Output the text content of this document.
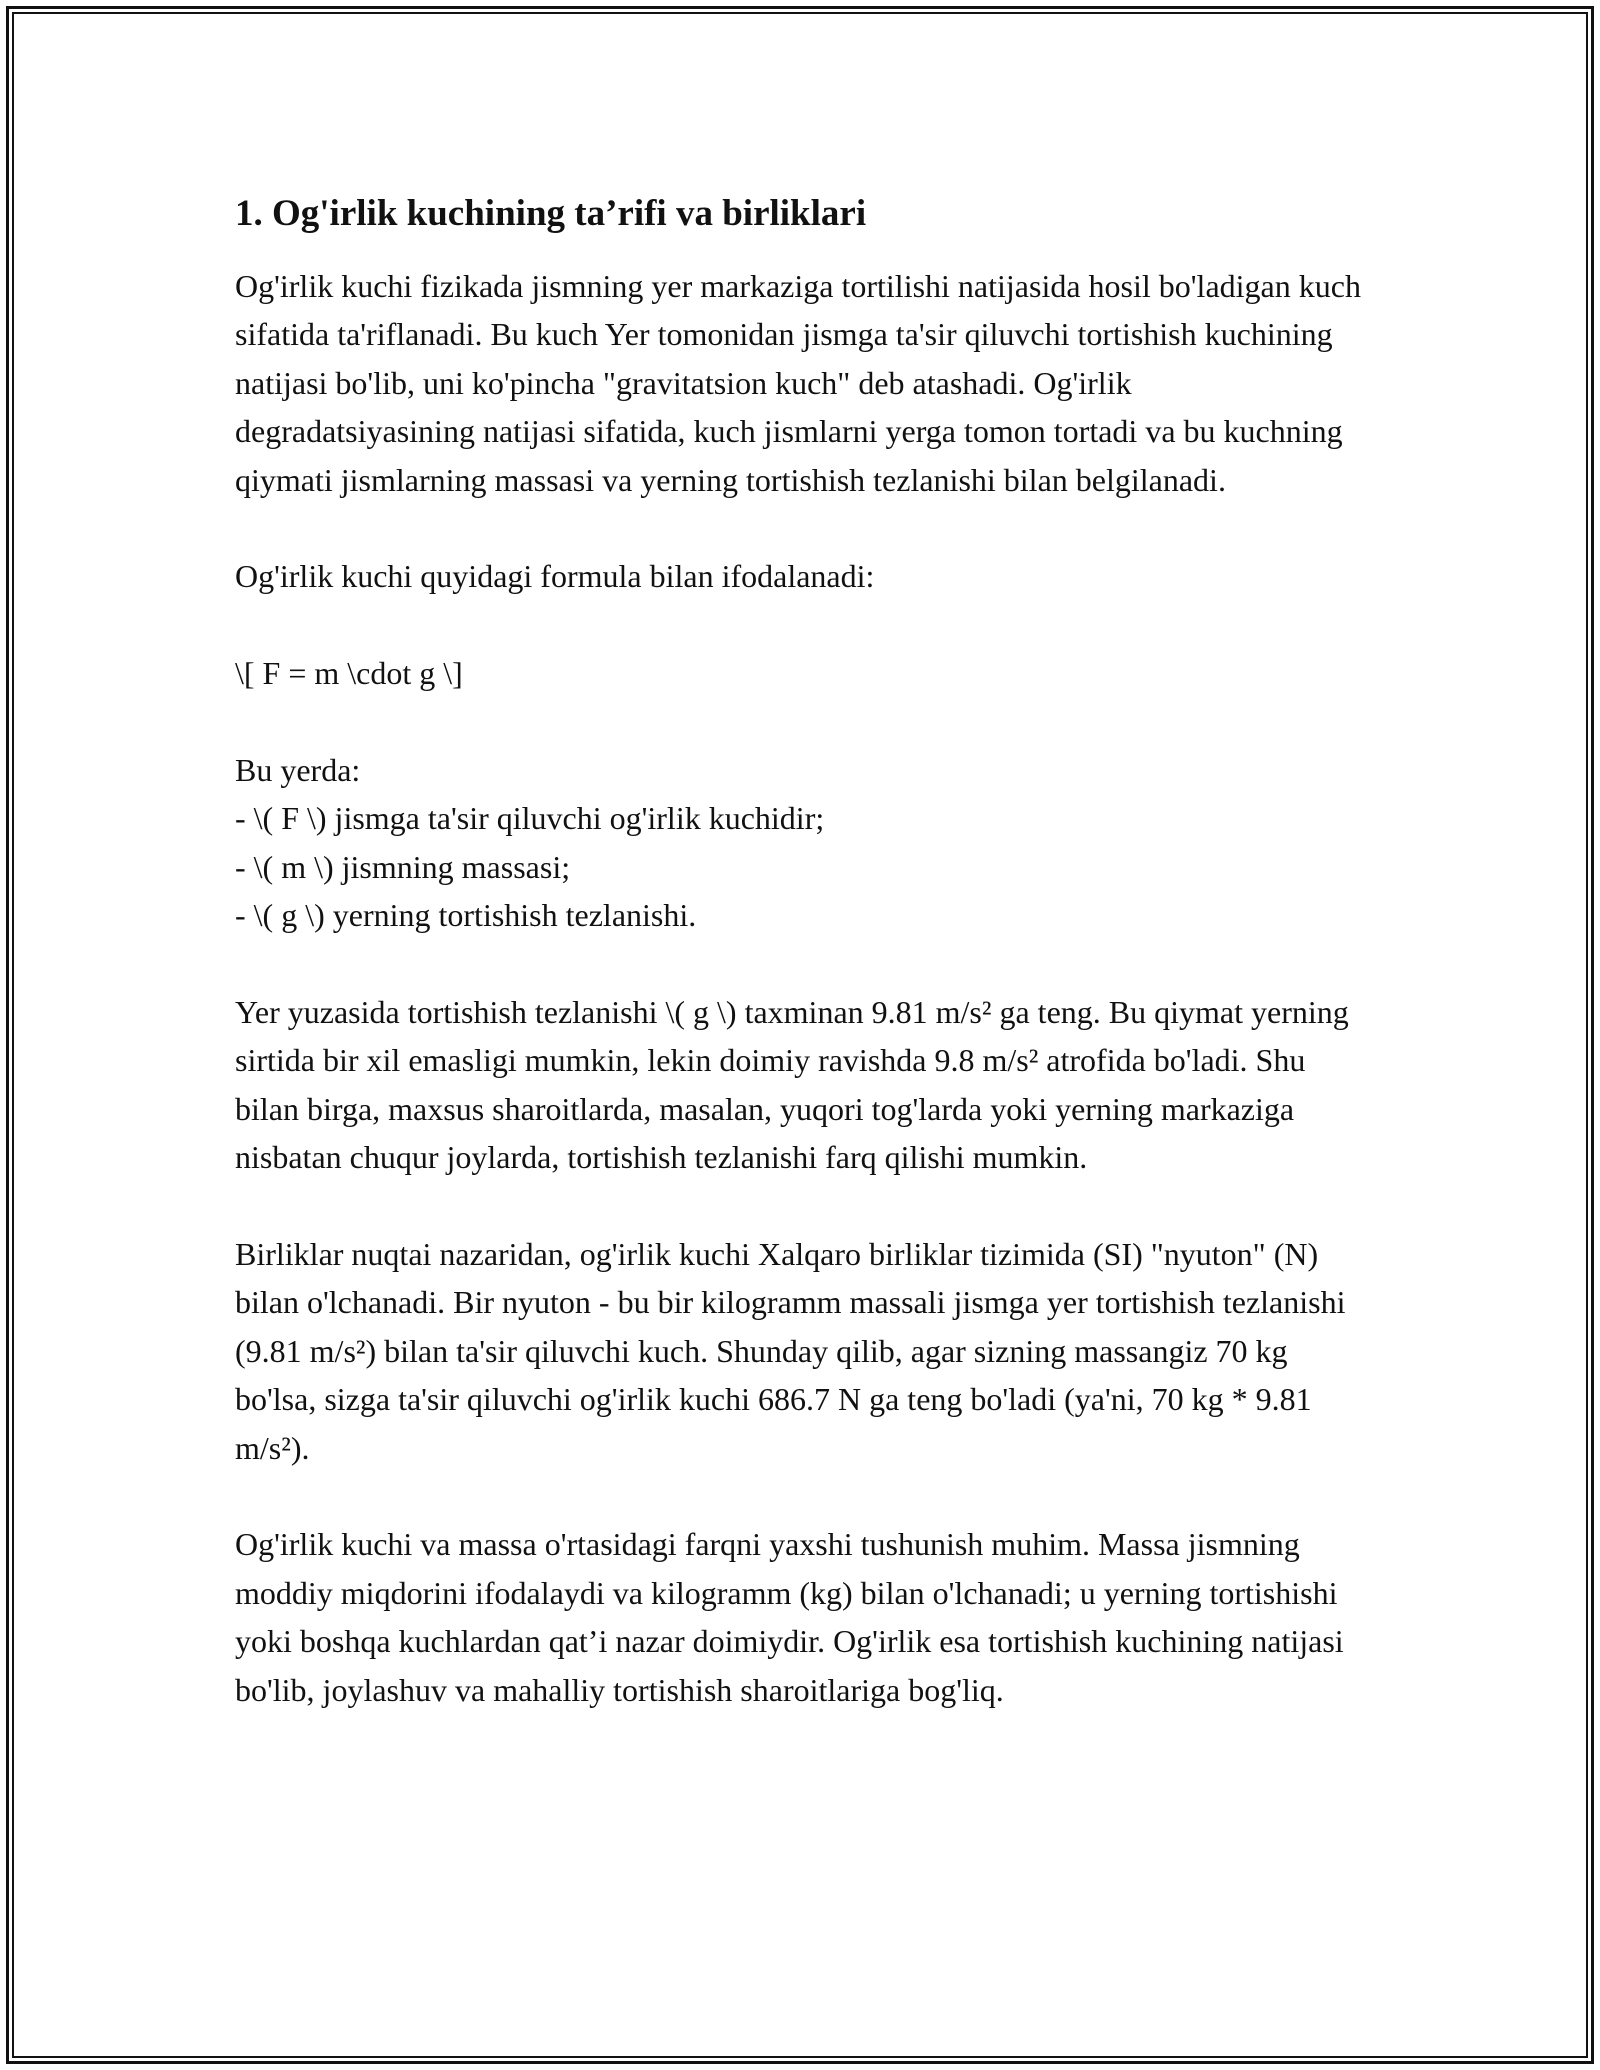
1. Og'irlik kuchining ta’rifi va birliklari

Og'irlik kuchi fizikada jismning yer markaziga tortilishi natijasida hosil bo'ladigan kuch sifatida ta'riflanadi. Bu kuch Yer tomonidan jismga ta'sir qiluvchi tortishish kuchining natijasi bo'lib, uni ko'pincha "gravitatsion kuch" deb atashadi. Og'irlik degradatsiyasining natijasi sifatida, kuch jismlarni yerga tomon tortadi va bu kuchning qiymati jismlarning massasi va yerning tortishish tezlanishi bilan belgilanadi.

Og'irlik kuchi quyidagi formula bilan ifodalanadi:

\[ F = m \cdot g \]

Bu yerda:
- \( F \) jismga ta'sir qiluvchi og'irlik kuchidir;
- \( m \) jismning massasi;
- \( g \) yerning tortishish tezlanishi.

Yer yuzasida tortishish tezlanishi \( g \) taxminan 9.81 m/s² ga teng. Bu qiymat yerning sirtida bir xil emasligi mumkin, lekin doimiy ravishda 9.8 m/s² atrofida bo'ladi. Shu bilan birga, maxsus sharoitlarda, masalan, yuqori tog'larda yoki yerning markaziga nisbatan chuqur joylarda, tortishish tezlanishi farq qilishi mumkin.

Birliklar nuqtai nazaridan, og'irlik kuchi Xalqaro birliklar tizimida (SI) "nyuton" (N) bilan o'lchanadi. Bir nyuton - bu bir kilogramm massali jismga yer tortishish tezlanishi (9.81 m/s²) bilan ta'sir qiluvchi kuch. Shunday qilib, agar sizning massangiz 70 kg bo'lsa, sizga ta'sir qiluvchi og'irlik kuchi 686.7 N ga teng bo'ladi (ya'ni, 70 kg * 9.81 m/s²).

Og'irlik kuchi va massa o'rtasidagi farqni yaxshi tushunish muhim. Massa jismning moddiy miqdorini ifodalaydi va kilogramm (kg) bilan o'lchanadi; u yerning tortishishi yoki boshqa kuchlardan qat’i nazar doimiydir. Og'irlik esa tortishish kuchining natijasi bo'lib, joylashuv va mahalliy tortishish sharoitlariga bog'liq.
